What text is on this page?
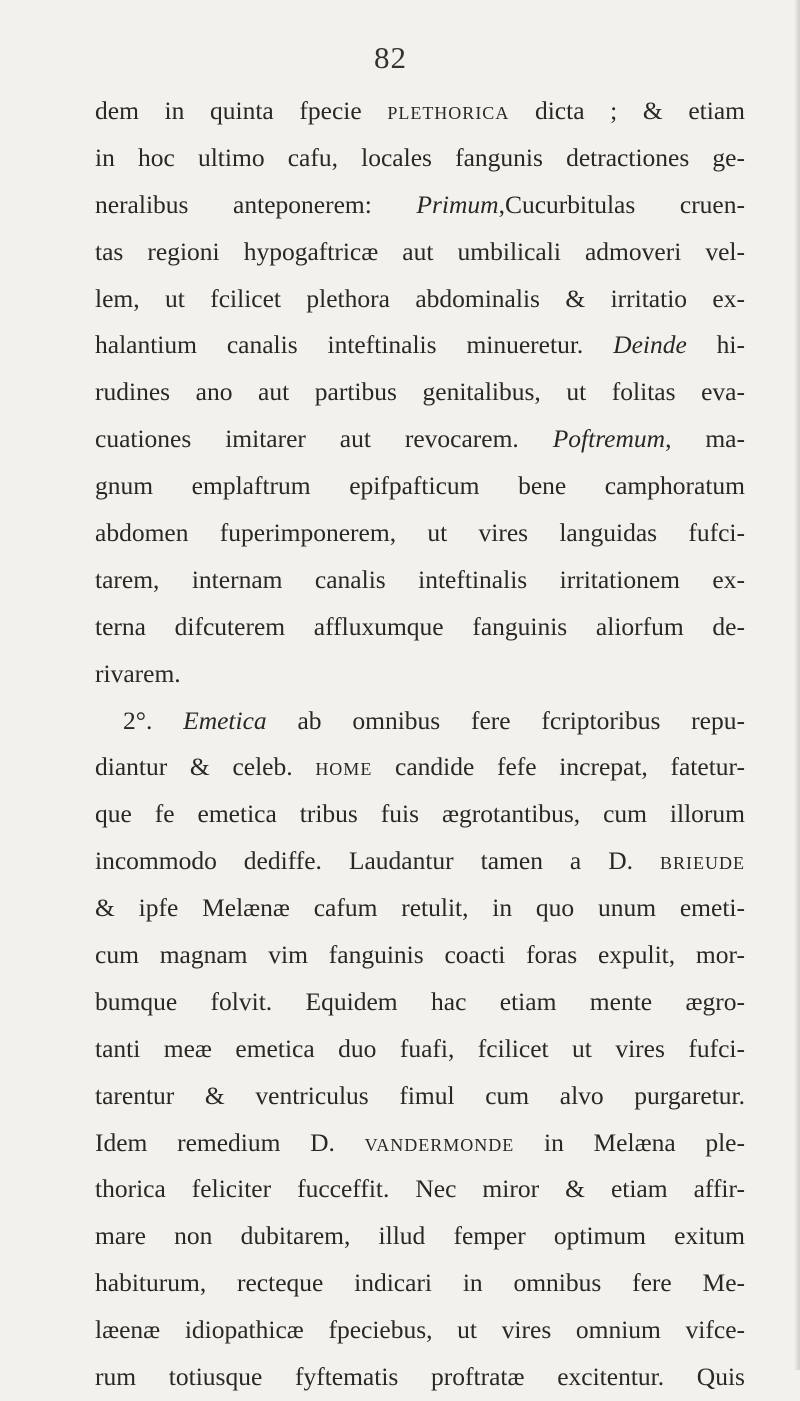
82
dem in quinta fpecie plethorica dicta ; & etiam
in hoc ultimo cafu, locales fangunis detractiones ge-
neralibus anteponerem: Primum,Cucurbitulas cruen-
tas regioni hypogaftricæ aut umbilicali admoveri vel-
lem, ut fcilicet plethora abdominalis & irritatio ex-
halantium canalis inteftinalis minueretur. Deinde hi-
rudines ano aut partibus genitalibus, ut folitas eva-
cuationes imitarer aut revocarem. Poftremum, ma-
gnum emplaftrum epifpafticum bene camphoratum
abdomen fuperimponerem, ut vires languidas fufci-
tarem, internam canalis inteftinalis irritationem ex-
terna difcuterem affluxumque fanguinis aliorfum de-
rivarem.
2°. Emetica ab omnibus fere fcriptoribus repu-
diantur & celeb. home candide fefe increpat, fatetur-
que fe emetica tribus fuis ægrotantibus, cum illorum
incommodo dediffe. Laudantur tamen a D. brieude
& ipfe Melænæ cafum retulit, in quo unum emeti-
cum magnam vim fanguinis coacti foras expulit, mor-
bumque folvit. Equidem hac etiam mente ægro-
tanti meæ emetica duo fuafi, fcilicet ut vires fufci-
tarentur & ventriculus fimul cum alvo purgaretur.
Idem remedium D. vandermonde in Melæna ple-
thorica feliciter fucceffit. Nec miror & etiam affir-
mare non dubitarem, illud femper optimum exitum
habiturum, recteque indicari in omnibus fere Me-
læenæ idiopathicæ fpeciebus, ut vires omnium vifce-
rum totiusque fyftematis proftratæ excitentur. Quis
